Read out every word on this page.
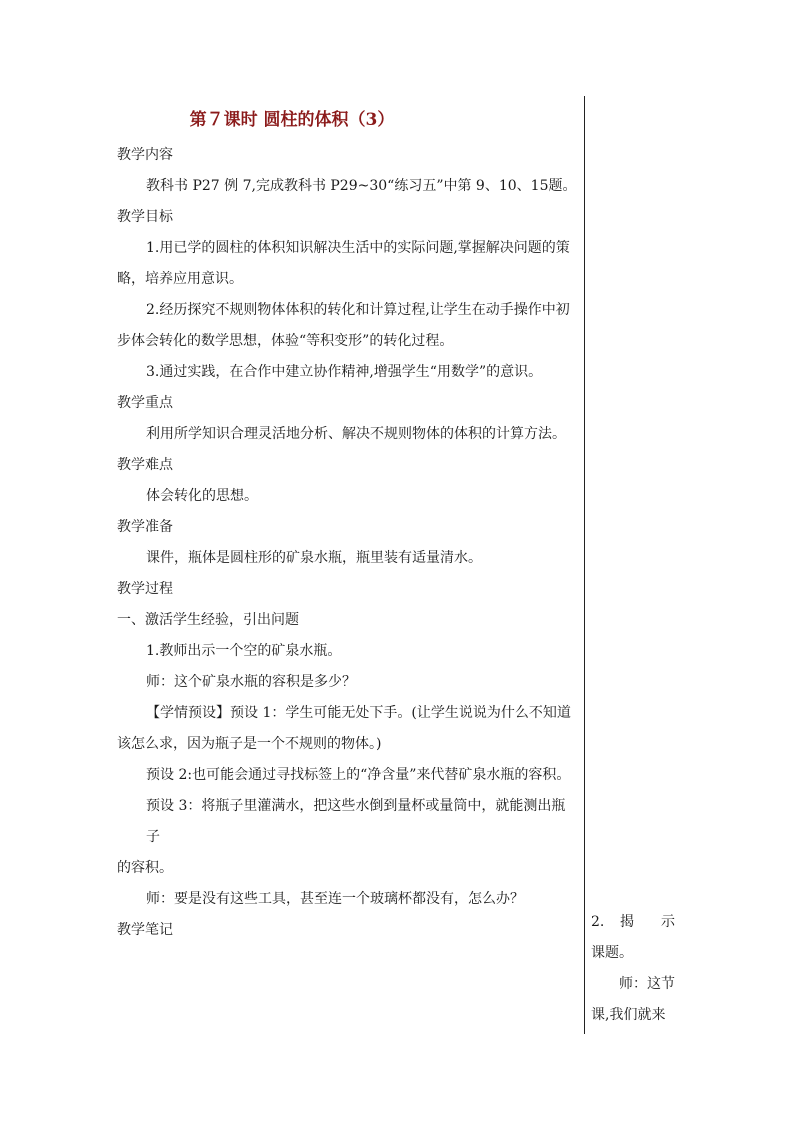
第７课时 圆柱的体积（3）

教学内容

教科书 P27 例 7,完成教科书 P29~30“练习五”中第 9、10、15题。

教学目标

1.用已学的圆柱的体积知识解决生活中的实际问题,掌握解决问题的策

略，培养应用意识。

2.经历探究不规则物体体积的转化和计算过程,让学生在动手操作中初

步体会转化的数学思想，体验“等积变形”的转化过程。

3.通过实践，在合作中建立协作精神,增强学生“用数学”的意识。

教学重点

利用所学知识合理灵活地分析、解决不规则物体的体积的计算方法。

教学难点

体会转化的思想。

教学准备

课件，瓶体是圆柱形的矿泉水瓶，瓶里装有适量清水。

教学过程

一、激活学生经验，引出问题

1.教师出示一个空的矿泉水瓶。

师：这个矿泉水瓶的容积是多少？

【学情预设】预设 1：学生可能无处下手。(让学生说说为什么不知道

该怎么求，因为瓶子是一个不规则的物体。)

预设 2:也可能会通过寻找标签上的“净含量”来代替矿泉水瓶的容积。

预设 3：将瓶子里灌满水，把这些水倒到量杯或量筒中，就能测出瓶子

的容积。

师：要是没有这些工具，甚至连一个玻璃杯都没有，怎么办？

教学笔记	2. 揭 示

课题。

师：这节

课,我们就来
